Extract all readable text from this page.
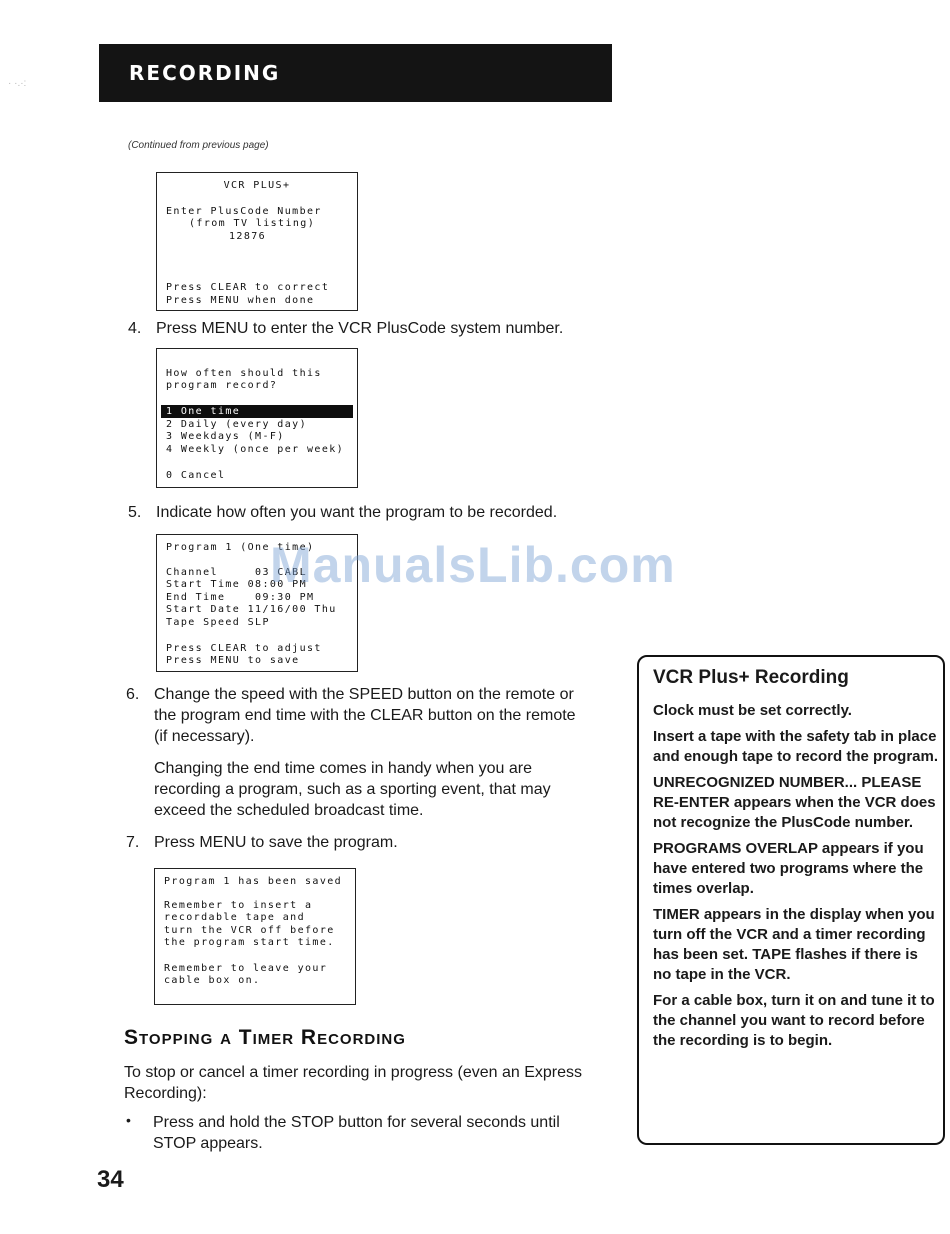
· ·.·:	recording
(Continued from previous page)
VCR PLUS+
Enter PlusCode Number
(from TV listing)
12876
Press CLEAR to correct
Press MENU when done
4. Press MENU to enter the VCR PlusCode system number.
How often should this
program record?
1 One time
2 Daily (every day)
3 Weekdays (M-F)
4 Weekly (once per week)
0 Cancel
5. Indicate how often you want the program to be recorded.
Program 1 (One time)
Channel     03 CABL
Start Time 08:00 PM
End Time    09:30 PM
Start Date 11/16/00 Thu
Tape Speed SLP
Press CLEAR to adjust
Press MENU to save
ManualsLib.com
6. Change the speed with the SPEED button on the remote or
the program end time with the CLEAR button on the remote
(if necessary).
Changing the end time comes in handy when you are
recording a program, such as a sporting event, that may
exceed the scheduled broadcast time.
7. Press MENU to save the program.
Program 1 has been saved
Remember to insert a
recordable tape and
turn the VCR off before
the program start time.
Remember to leave your
cable box on.
Stopping a Timer Recording
To stop or cancel a timer recording in progress (even an Express
Recording):
• Press and hold the STOP button for several seconds until
STOP appears.
34
VCR Plus+ Recording

Clock must be set correctly.

Insert a tape with the safety tab in place and enough tape to record the program.

UNRECOGNIZED NUMBER... PLEASE RE-ENTER appears when the VCR does not recognize the PlusCode number.

PROGRAMS OVERLAP appears if you have entered two programs where the times overlap.

TIMER appears in the display when you turn off the VCR and a timer recording has been set. TAPE flashes if there is no tape in the VCR.

For a cable box, turn it on and tune it to the channel you want to record before the recording is to begin.
